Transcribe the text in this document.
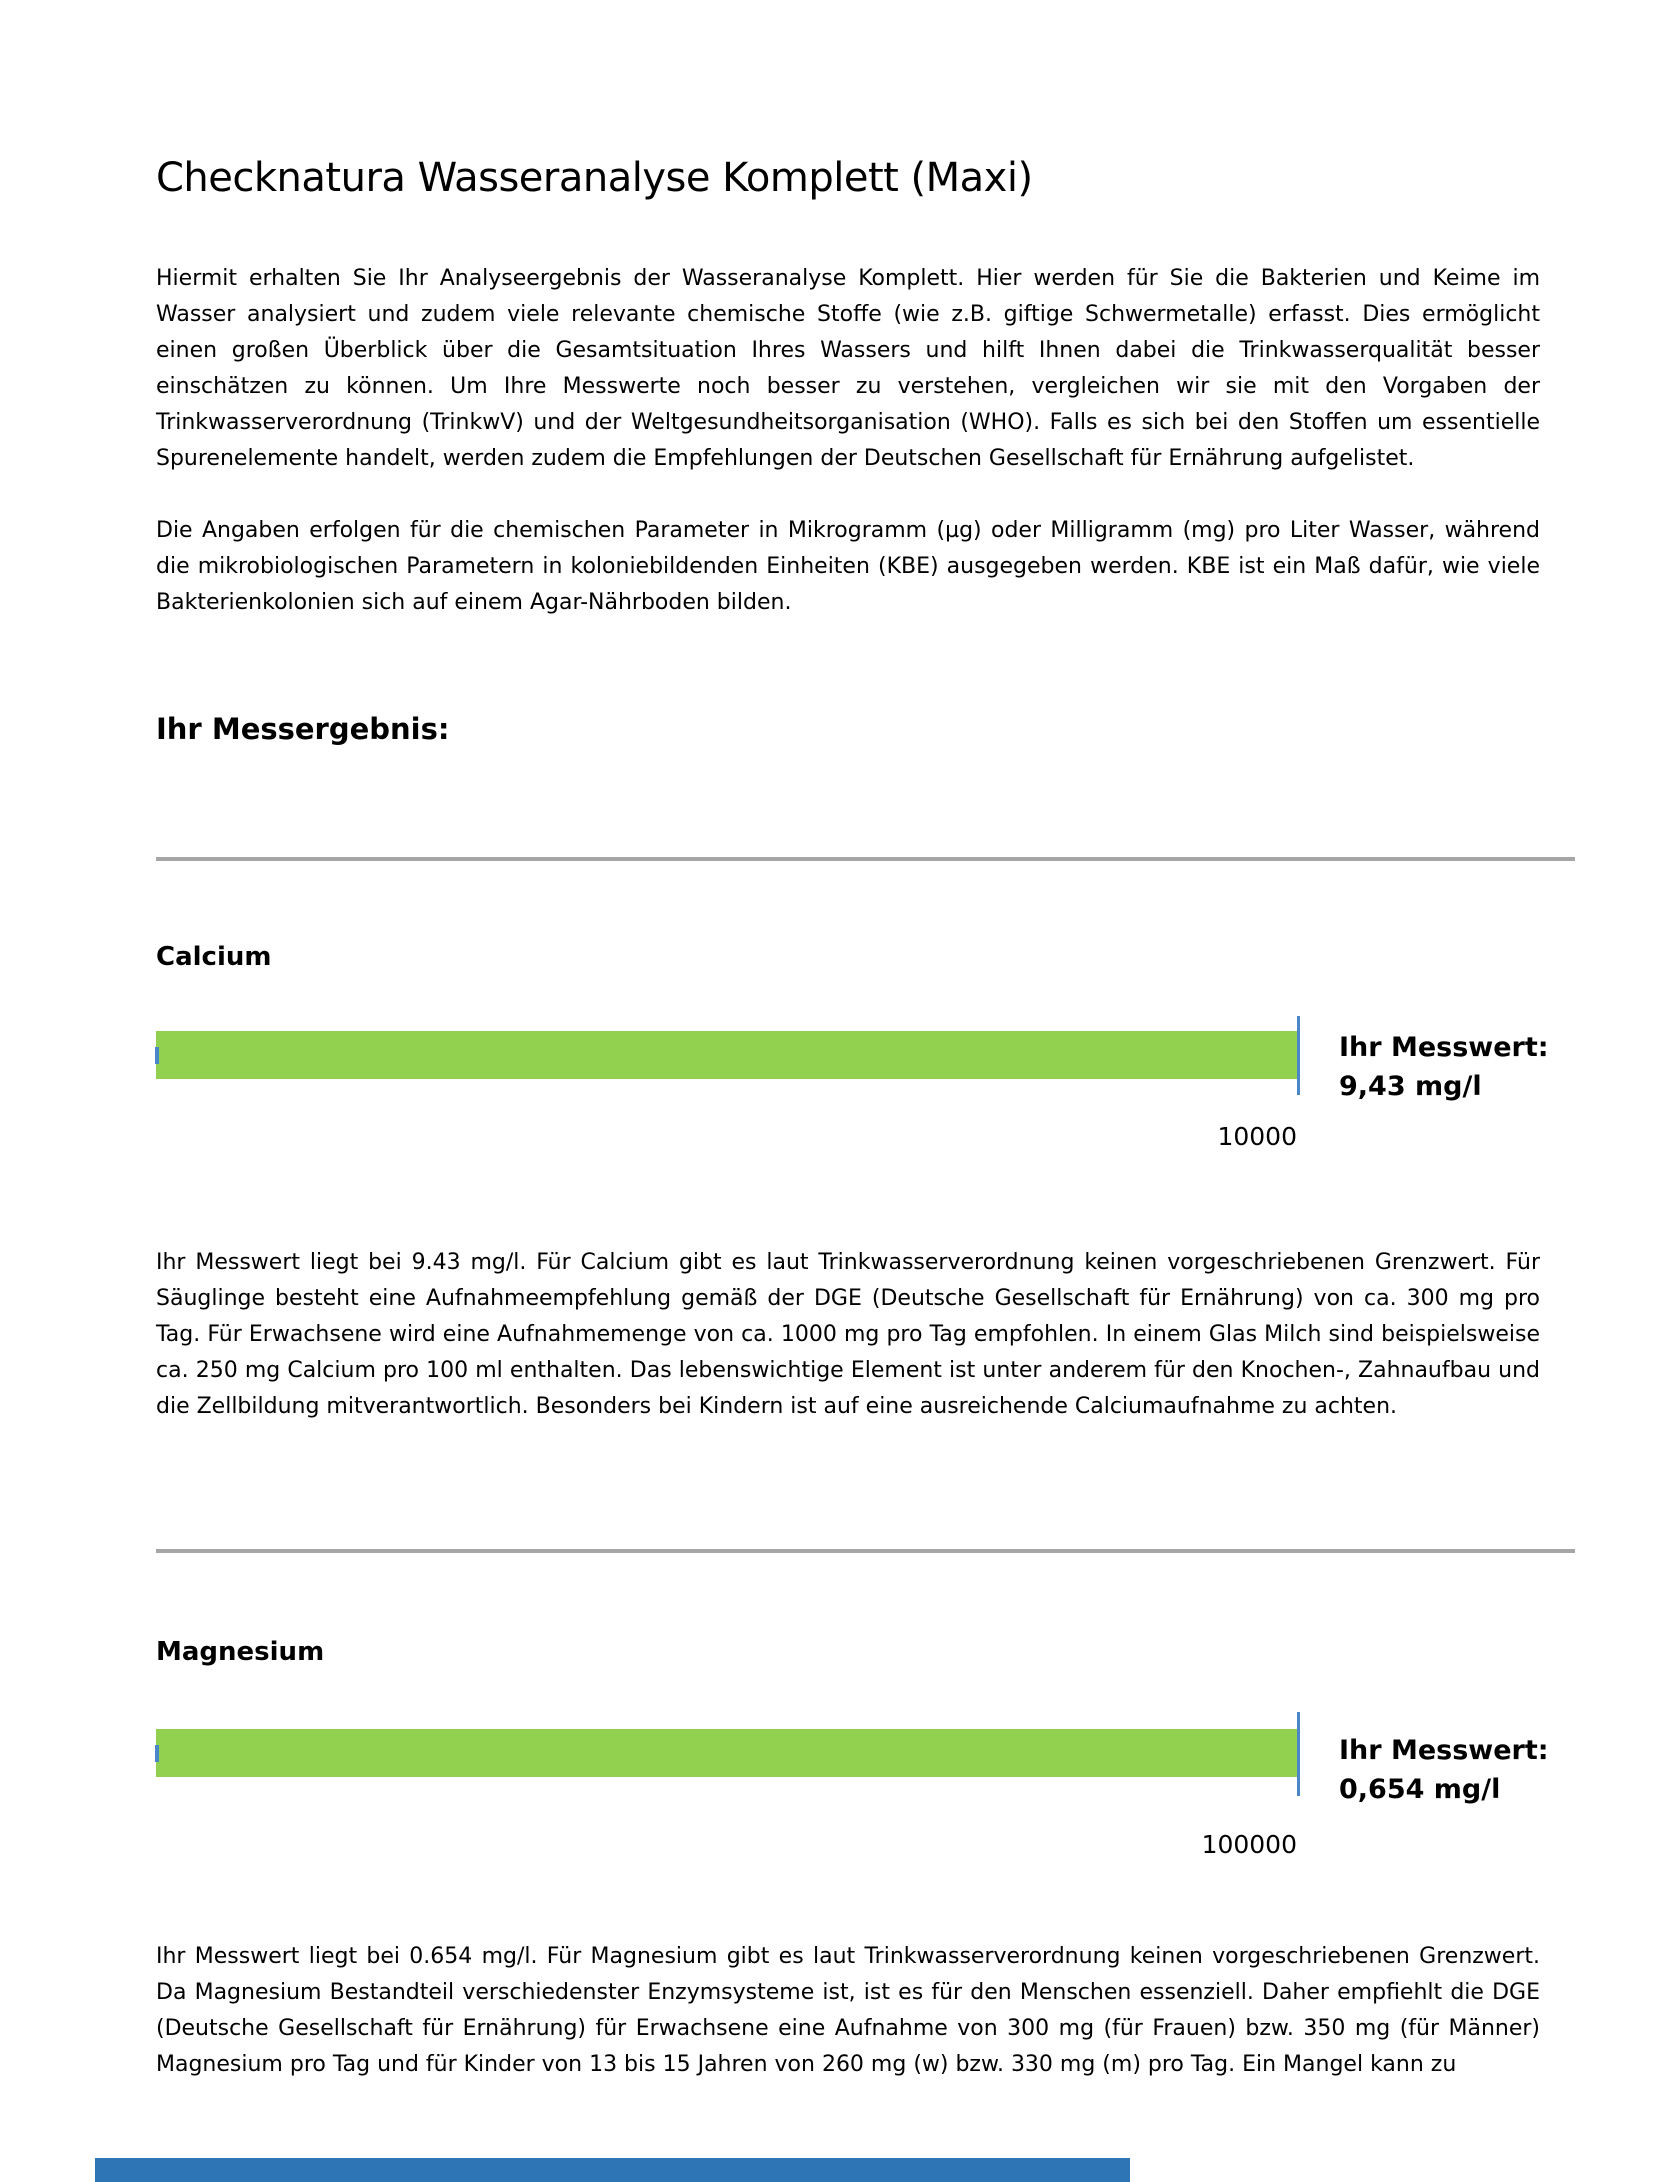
Checknatura Wasseranalyse Komplett (Maxi)

Hiermit erhalten Sie Ihr Analyseergebnis der Wasseranalyse Komplett. Hier werden für Sie die Bakterien und Keime im Wasser analysiert und zudem viele relevante chemische Stoffe (wie z.B. giftige Schwermetalle) erfasst. Dies ermöglicht einen großen Überblick über die Gesamtsituation Ihres Wassers und hilft Ihnen dabei die Trinkwasserqualität besser einschätzen zu können. Um Ihre Messwerte noch besser zu verstehen, vergleichen wir sie mit den Vorgaben der Trinkwasserverordnung (TrinkwV) und der Weltgesundheitsorganisation (WHO). Falls es sich bei den Stoffen um essentielle Spurenelemente handelt, werden zudem die Empfehlungen der Deutschen Gesellschaft für Ernährung aufgelistet.

Die Angaben erfolgen für die chemischen Parameter in Mikrogramm (µg) oder Milligramm (mg) pro Liter Wasser, während die mikrobiologischen Parametern in koloniebildenden Einheiten (KBE) ausgegeben werden. KBE ist ein Maß dafür, wie viele Bakterienkolonien sich auf einem Agar-Nährboden bilden.

Ihr Messergebnis:
Calcium
Ihr Messwert:
9,43 mg/l
10000

Ihr Messwert liegt bei 9.43 mg/l. Für Calcium gibt es laut Trinkwasserverordnung keinen vorgeschriebenen Grenzwert. Für Säuglinge besteht eine Aufnahmeempfehlung gemäß der DGE (Deutsche Gesellschaft für Ernährung) von ca. 300 mg pro Tag. Für Erwachsene wird eine Aufnahmemenge von ca. 1000 mg pro Tag empfohlen. In einem Glas Milch sind beispielsweise ca. 250 mg Calcium pro 100 ml enthalten. Das lebenswichtige Element ist unter anderem für den Knochen-, Zahnaufbau und die Zellbildung mitverantwortlich. Besonders bei Kindern ist auf eine ausreichende Calciumaufnahme zu achten.

Magnesium
Ihr Messwert:
0,654 mg/l
100000

Ihr Messwert liegt bei 0.654 mg/l. Für Magnesium gibt es laut Trinkwasserverordnung keinen vorgeschriebenen Grenzwert. Da Magnesium Bestandteil verschiedenster Enzymsysteme ist, ist es für den Menschen essenziell. Daher empfiehlt die DGE (Deutsche Gesellschaft für Ernährung) für Erwachsene eine Aufnahme von 300 mg (für Frauen) bzw. 350 mg (für Männer) Magnesium pro Tag und für Kinder von 13 bis 15 Jahren von 260 mg (w) bzw. 330 mg (m) pro Tag. Ein Mangel kann zu
